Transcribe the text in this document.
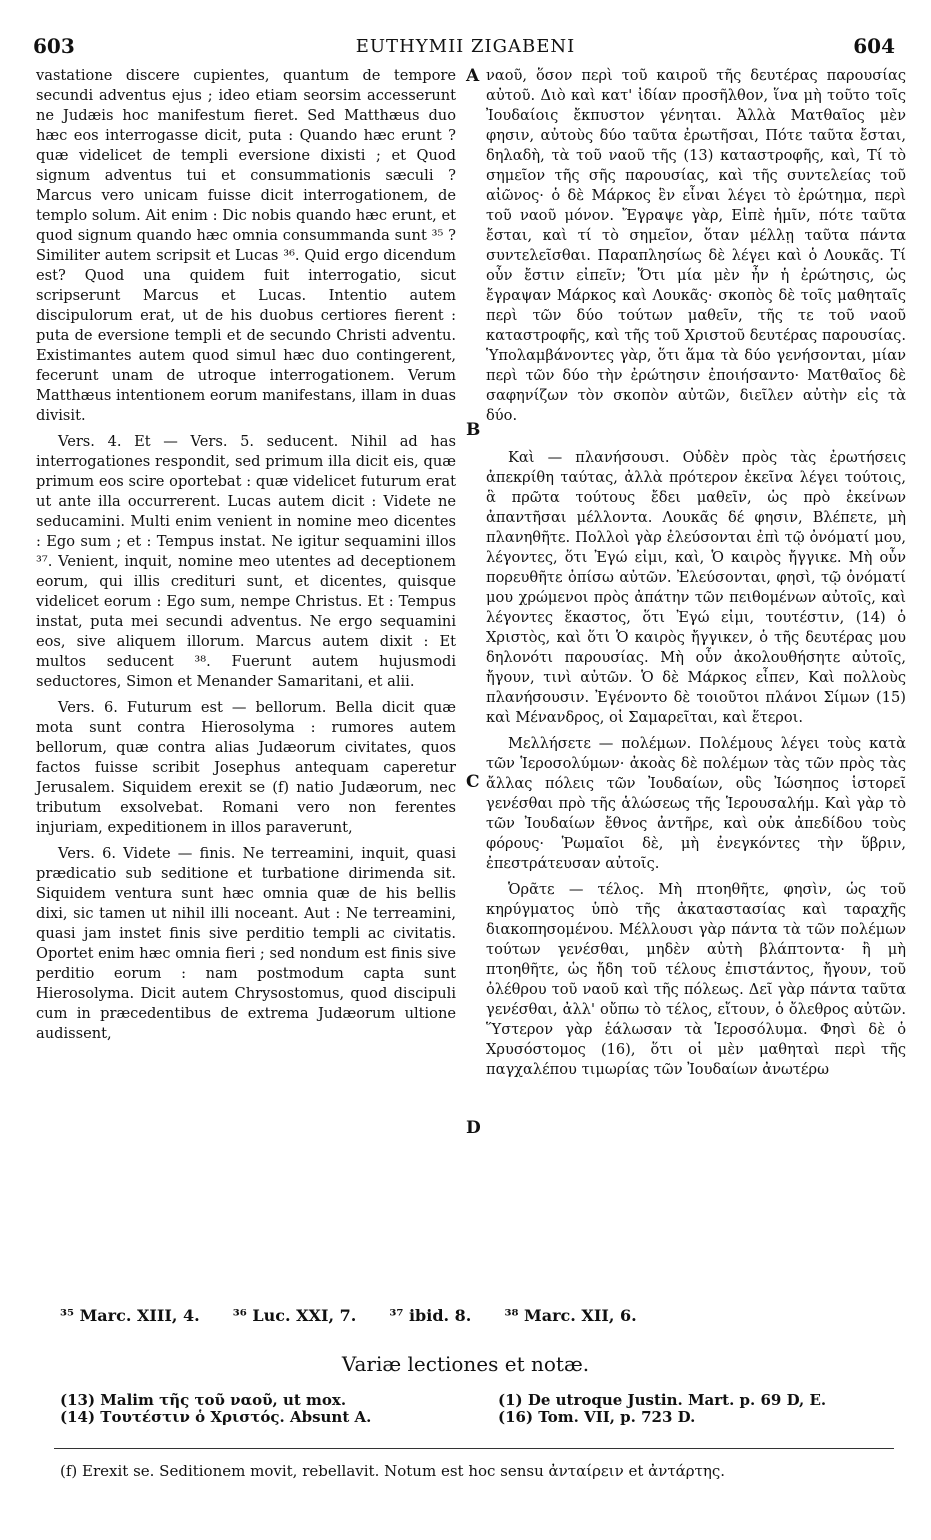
603	EUTHYMII ZIGABENI	604

vastatione discere cupientes, quantum de tempore secundi adventus ejus ; ideo etiam seorsim accesserunt ne Judæis hoc manifestum fieret. Sed Matthæus duo hæc eos interrogasse dicit, puta : Quando hæc erunt ? quæ videlicet de templi eversione dixisti ; et Quod signum adventus tui et consummationis sæculi ? Marcus vero unicam fuisse dicit interrogationem, de templo solum. Ait enim : Dic nobis quando hæc erunt, et quod signum quando hæc omnia consummanda sunt ³⁵ ? Similiter autem scripsit et Lucas ³⁶. Quid ergo dicendum est? Quod una quidem fuit interrogatio, sicut scripserunt Marcus et Lucas. Intentio autem discipulorum erat, ut de his duobus certiores fierent : puta de eversione templi et de secundo Christi adventu. Existimantes autem quod simul hæc duo contingerent, fecerunt unam de utroque interrogationem. Verum Matthæus intentionem eorum manifestans, illam in duas divisit.

Vers. 4. Et — Vers. 5. seducent. Nihil ad has interrogationes respondit, sed primum illa dicit eis, quæ primum eos scire oportebat : quæ videlicet futurum erat ut ante illa occurrerent. Lucas autem dicit : Videte ne seducamini. Multi enim venient in nomine meo dicentes : Ego sum ; et : Tempus instat. Ne igitur sequamini illos ³⁷. Venient, inquit, nomine meo utentes ad deceptionem eorum, qui illis crediturі sunt, et dicentes, quisque videlicet eorum : Ego sum, nempe Christus. Et : Tempus instat, puta mei secundi adventus. Ne ergo sequamini eos, sive aliquem illorum. Marcus autem dixit : Et multos seducent ³⁸. Fuerunt autem hujusmodi seductores, Simon et Menander Samaritani, et alii.

Vers. 6. Futurum est — bellorum. Bella dicit quæ mota sunt contra Hierosolyma : rumores autem bellorum, quæ contra alias Judæorum civitates, quos factos fuisse scribit Josephus antequam caperetur Jerusalem. Siquidem erexit se (f) natio Judæorum, nec tributum exsolvebat. Romani vero non ferentes injuriam, expeditionem in illos paraverunt,

Vers. 6. Videte — finis. Ne terreamini, inquit, quasi prædicatio sub seditione et turbatione dirimenda sit. Siquidem ventura sunt hæc omnia quæ de his bellis dixi, sic tamen ut nihil illi noceant. Aut : Ne terreamini, quasi jam instet finis sive perditio templi ac civitatis. Oportet enim hæc omnia fieri ; sed nondum est finis sive perditio eorum : nam postmodum capta sunt Hierosolyma. Dicit autem Chrysostomus, quod discipuli cum in præcedentibus de extrema Judæorum ultione audissent,

ναοῦ, ὅσον περὶ τοῦ καιροῦ τῆς δευτέρας παρουσίας αὐτοῦ. Διὸ καὶ κατ' ἰδίαν προσῆλθον, ἵνα μὴ τοῦτο τοῖς Ἰουδαίοις ἔκπυστον γένηται. Ἀλλὰ Ματθαῖος μὲν φησιν, αὐτοὺς δύο ταῦτα ἐρωτῆσαι, Πότε ταῦτα ἔσται, δηλαδὴ, τὰ τοῦ ναοῦ τῆς (13) καταστροφῆς, καὶ, Τί τὸ σημεῖον τῆς σῆς παρουσίας, καὶ τῆς συντελείας τοῦ αἰῶνος· ὁ δὲ Μάρκος ἓν εἶναι λέγει τὸ ἐρώτημα, περὶ τοῦ ναοῦ μόνον. Ἔγραψε γὰρ, Εἰπὲ ἡμῖν, πότε ταῦτα ἔσται, καὶ τί τὸ σημεῖον, ὅταν μέλλῃ ταῦτα πάντα συντελεῖσθαι. Παραπλησίως δὲ λέγει καὶ ὁ Λουκᾶς. Τί οὖν ἔστιν εἰπεῖν; Ὅτι μία μὲν ἦν ἡ ἐρώτησις, ὡς ἔγραψαν Μάρκος καὶ Λουκᾶς· σκοπὸς δὲ τοῖς μαθηταῖς περὶ τῶν δύο τούτων μαθεῖν, τῆς τε τοῦ ναοῦ καταστροφῆς, καὶ τῆς τοῦ Χριστοῦ δευτέρας παρουσίας. Ὑπολαμβάνοντες γὰρ, ὅτι ἅμα τὰ δύο γενήσονται, μίαν περὶ τῶν δύο τὴν ἐρώτησιν ἐποιήσαντο· Ματθαῖος δὲ σαφηνίζων τὸν σκοπὸν αὐτῶν, διεῖλεν αὐτὴν εἰς τὰ δύο.

Καὶ — πλανήσουσι. Οὐδὲν πρὸς τὰς ἐρωτήσεις ἀπεκρίθη ταύτας, ἀλλὰ πρότερον ἐκεῖνα λέγει τούτοις, ἃ πρῶτα τούτους ἔδει μαθεῖν, ὡς πρὸ ἐκείνων ἀπαντῆσαι μέλλοντα. Λουκᾶς δέ φησιν, Βλέπετε, μὴ πλανηθῆτε. Πολλοὶ γὰρ ἐλεύσονται ἐπὶ τῷ ὀνόματί μου, λέγοντες, ὅτι Ἐγώ εἰμι, καὶ, Ὁ καιρὸς ἤγγικε. Μὴ οὖν πορευθῆτε ὀπίσω αὐτῶν. Ἐλεύσονται, φησὶ, τῷ ὀνόματί μου χρώμενοι πρὸς ἀπάτην τῶν πειθομένων αὐτοῖς, καὶ λέγοντες ἕκαστος, ὅτι Ἐγώ εἰμι, τουτέστιν, (14) ὁ Χριστὸς, καὶ ὅτι Ὁ καιρὸς ἤγγικεν, ὁ τῆς δευτέρας μου δηλονότι παρουσίας. Μὴ οὖν ἀκολουθήσητε αὐτοῖς, ἤγουν, τινὶ αὐτῶν. Ὁ δὲ Μάρκος εἶπεν, Καὶ πολλοὺς πλανήσουσιν. Ἐγένοντο δὲ τοιοῦτοι πλάνοι Σίμων (15) καὶ Μένανδρος, οἱ Σαμαρεῖται, καὶ ἕτεροι.

Μελλήσετε — πολέμων. Πολέμους λέγει τοὺς κατὰ τῶν Ἱεροσολύμων· ἀκοὰς δὲ πολέμων τὰς τῶν πρὸς τὰς ἄλλας πόλεις τῶν Ἰουδαίων, οὓς Ἰώσηπος ἱστορεῖ γενέσθαι πρὸ τῆς ἁλώσεως τῆς Ἱερουσαλήμ. Καὶ γὰρ τὸ τῶν Ἰουδαίων ἔθνος ἀντῆρε, καὶ οὐκ ἀπεδίδου τοὺς φόρους· Ῥωμαῖοι δὲ, μὴ ἐνεγκόντες τὴν ὕβριν, ἐπεστράτευσαν αὐτοῖς.

Ὁρᾶτε — τέλος. Μὴ πτοηθῆτε, φησὶν, ὡς τοῦ κηρύγματος ὑπὸ τῆς ἀκαταστασίας καὶ ταραχῆς διακοπησομένου. Μέλλουσι γὰρ πάντα τὰ τῶν πολέμων τούτων γενέσθαι, μηδὲν αὐτὴ βλάπτοντα· ἢ μὴ πτοηθῆτε, ὡς ἤδη τοῦ τέλους ἐπιστάντος, ἤγουν, τοῦ ὀλέθρου τοῦ ναοῦ καὶ τῆς πόλεως. Δεῖ γὰρ πάντα ταῦτα γενέσθαι, ἀλλ' οὔπω τὸ τέλος, εἴτουν, ὁ ὄλεθρος αὐτῶν. Ὕστερον γὰρ ἑάλωσαν τὰ Ἱεροσόλυμα. Φησὶ δὲ ὁ Χρυσόστομος (16), ὅτι οἱ μὲν μαθηταὶ περὶ τῆς παγχαλέπου τιμωρίας τῶν Ἰουδαίων ἀνωτέρω

A
B
C
D
³⁵ Marc. XIII, 4. ³⁶ Luc. XXI, 7. ³⁷ ibid. 8. ³⁸ Marc. XII, 6.
Variæ lectiones et notæ.
(13) Malim τῆς τοῦ ναοῦ, ut mox.
(14) Τουτέστιν ὁ Χριστός. Absunt A.
(1) De utroque Justin. Mart. p. 69 D, E.
(16) Tom. VII, p. 723 D.
(f) Erexit se. Seditionem movit, rebellavit. Notum est hoc sensu ἀνταίρειν et ἀντάρτης.
